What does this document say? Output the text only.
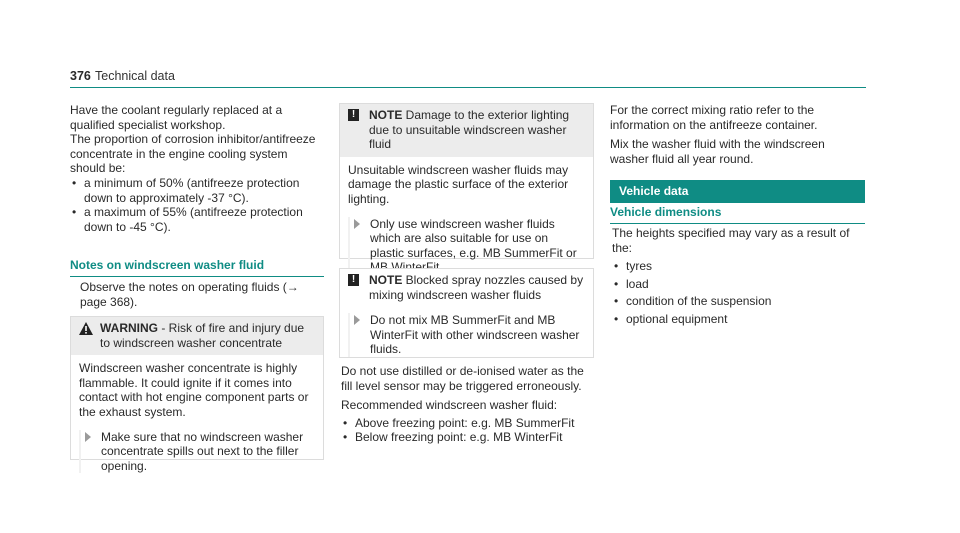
376 Technical data

Have the coolant regularly replaced at a qualified specialist workshop.

The proportion of corrosion inhibitor/antifreeze concentrate in the engine cooling system should be:

• a minimum of 50% (antifreeze protection down to approximately -37 °C).
• a maximum of 55% (antifreeze protection down to -45 °C).
Notes on windscreen washer fluid

Observe the notes on operating fluids (→ page 368).

WARNING - Risk of fire and injury due to windscreen washer concentrate

Windscreen washer concentrate is highly flammable. It could ignite if it comes into contact with hot engine component parts or the exhaust system.

Make sure that no windscreen washer concentrate spills out next to the filler opening.
!	NOTE Damage to the exterior lighting due to unsuitable windscreen washer fluid

Unsuitable windscreen washer fluids may damage the plastic surface of the exterior lighting.

Only use windscreen washer fluids which are also suitable for use on plastic surfaces, e.g. MB SummerFit or
!	NOTE Blocked spray nozzles caused by mixing windscreen washer fluids
Do not mix MB SummerFit and MB WinterFit with other windscreen washer fluids.

Do not use distilled or de-ionised water as the fill level sensor may be triggered erroneously.

Recommended windscreen washer fluid:

• Above freezing point: e.g. MB SummerFit
• Below freezing point: e.g. MB WinterFit

For the correct mixing ratio refer to the information on the antifreeze container.

Mix the washer fluid with the windscreen washer fluid all year round.

Vehicle data
Vehicle dimensions

The heights specified may vary as a result of the:

• tyres
• load
• condition of the suspension
• optional equipment
